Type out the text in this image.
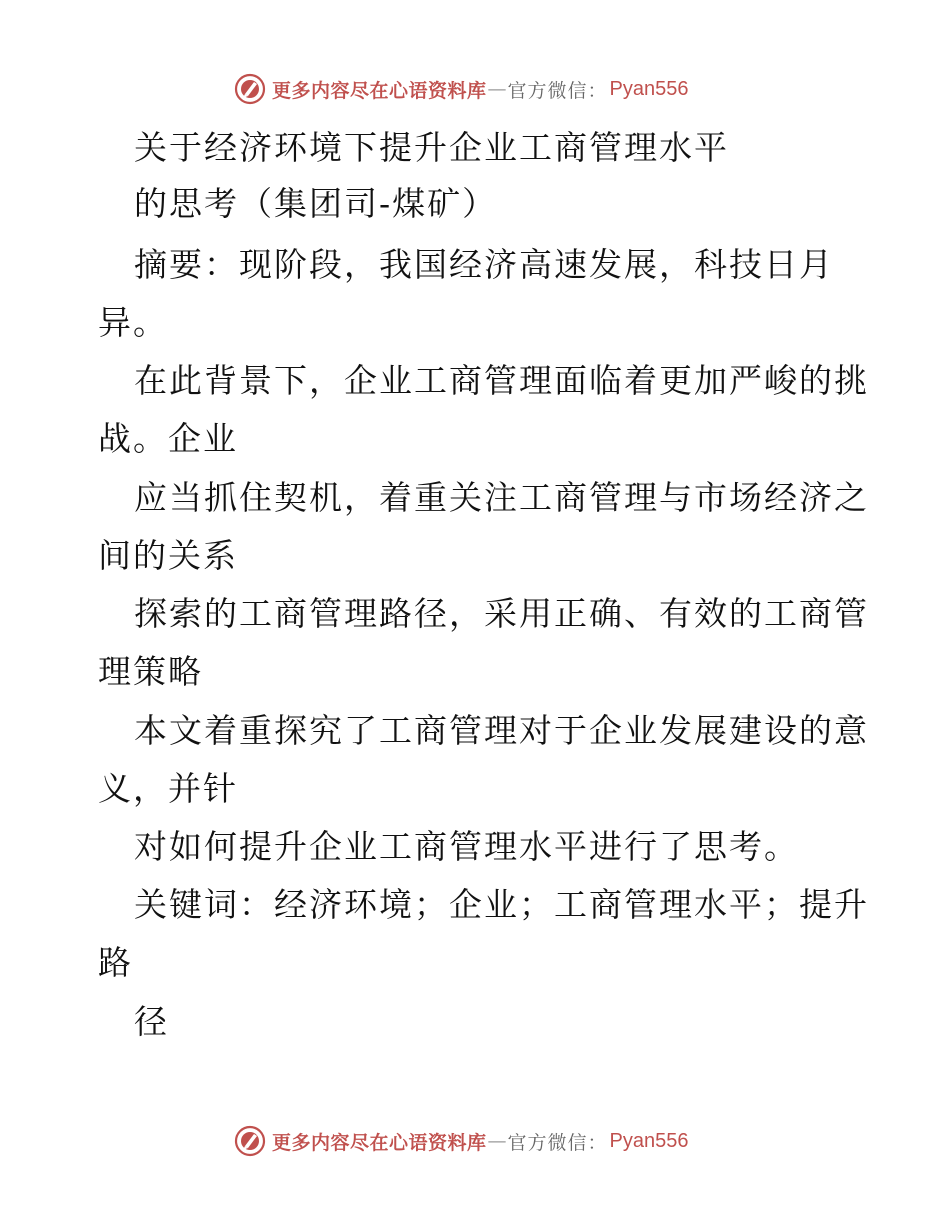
更多内容尽在心语资料库 — 官方微信： Pyan556
关于经济环境下提升企业工商管理水平
的思考（集团司-煤矿）
摘要：现阶段，我国经济高速发展，科技日月
异。
在此背景下，企业工商管理面临着更加严峻的挑
战。企业
应当抓住契机，着重关注工商管理与市场经济之
间的关系
探索的工商管理路径，采用正确、有效的工商管
理策略
本文着重探究了工商管理对于企业发展建设的意
义，并针
对如何提升企业工商管理水平进行了思考。
关键词：经济环境；企业；工商管理水平；提升
路
径
更多内容尽在心语资料库 — 官方微信： Pyan556
